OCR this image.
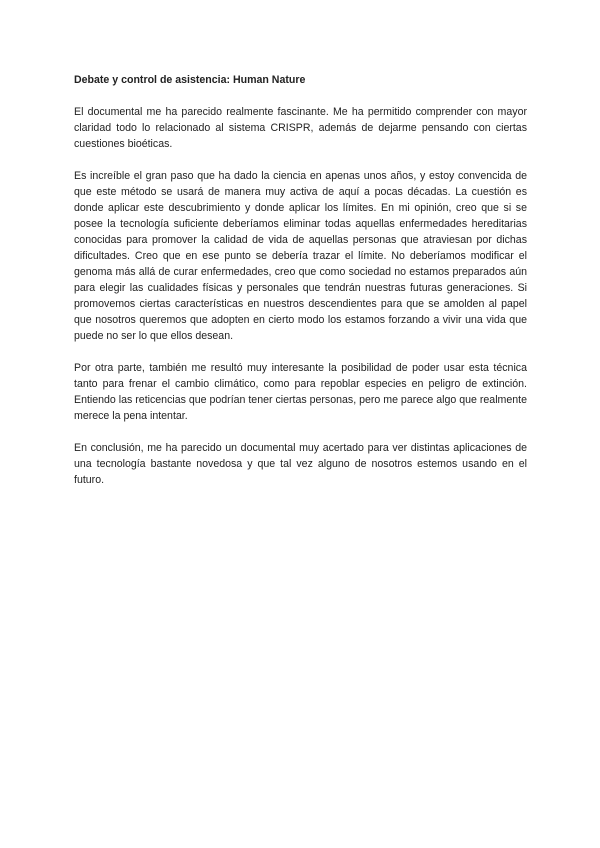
Debate y control de asistencia: Human Nature

El documental me ha parecido realmente fascinante. Me ha permitido comprender con mayor claridad todo lo relacionado al sistema CRISPR, además de dejarme pensando con ciertas cuestiones bioéticas.

Es increíble el gran paso que ha dado la ciencia en apenas unos años, y estoy convencida de que este método se usará de manera muy activa de aquí a pocas décadas. La cuestión es donde aplicar este descubrimiento y donde aplicar los límites. En mi opinión, creo que si se posee la tecnología suficiente deberíamos eliminar todas aquellas enfermedades hereditarias conocidas para promover la calidad de vida de aquellas personas que atraviesan por dichas dificultades. Creo que en ese punto se debería trazar el límite. No deberíamos modificar el genoma más allá de curar enfermedades, creo que como sociedad no estamos preparados aún para elegir las cualidades físicas y personales que tendrán nuestras futuras generaciones. Si promovemos ciertas características en nuestros descendientes para que se amolden al papel que nosotros queremos que adopten en cierto modo los estamos forzando a vivir una vida que puede no ser lo que ellos desean.

Por otra parte, también me resultó muy interesante la posibilidad de poder usar esta técnica tanto para frenar el cambio climático, como para repoblar especies en peligro de extinción. Entiendo las reticencias que podrían tener ciertas personas, pero me parece algo que realmente merece la pena intentar.

En conclusión, me ha parecido un documental muy acertado para ver distintas aplicaciones de una tecnología bastante novedosa y que tal vez alguno de nosotros estemos usando en el futuro.
